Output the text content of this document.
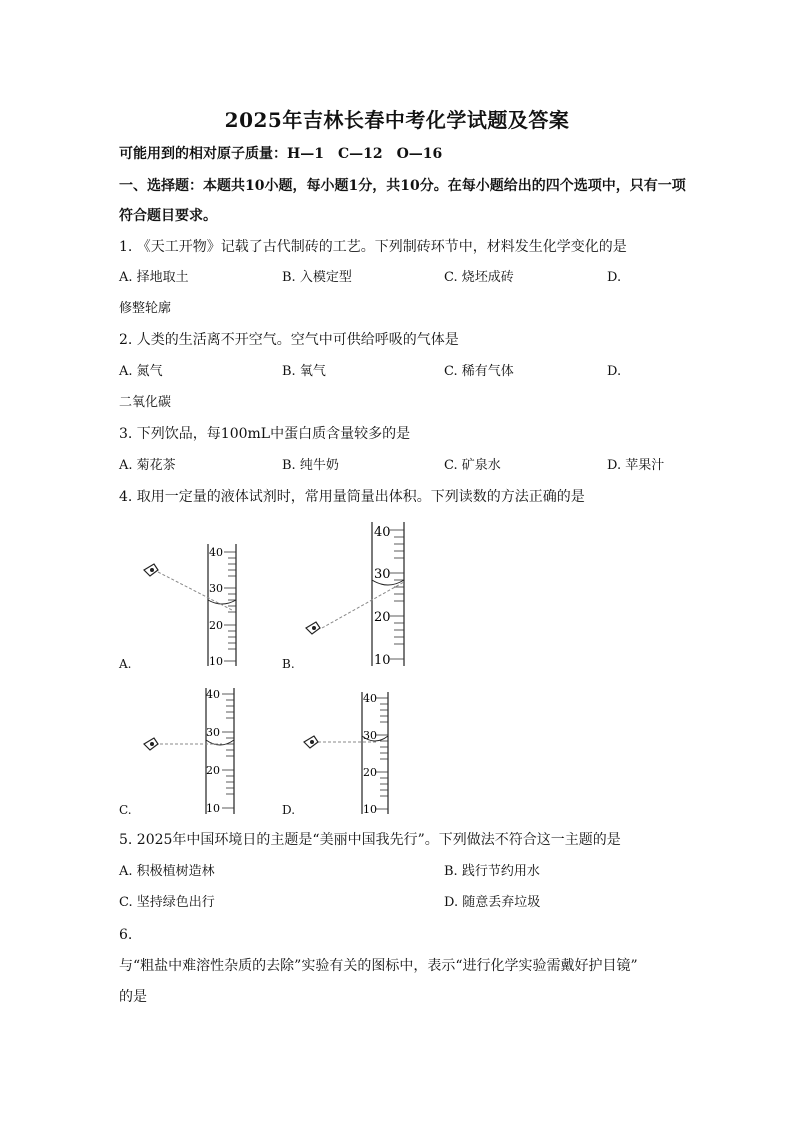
2025年吉林长春中考化学试题及答案
可能用到的相对原子质量：H—1　C—12　O—16
一、选择题：本题共10小题，每小题1分，共10分。在每小题给出的四个选项中，只有一项
符合题目要求。
1. 《天工开物》记载了古代制砖的工艺。下列制砖环节中，材料发生化学变化的是
A. 择地取土	B. 入模定型	C. 烧坯成砖	D.
修整轮廓
2. 人类的生活离不开空气。空气中可供给呼吸的气体是
A. 氮气	B. 氧气	C. 稀有气体	D.
二氧化碳
3. 下列饮品，每100mL中蛋白质含量较多的是
A. 菊花茶	B. 纯牛奶	C. 矿泉水	D. 苹果汁
4. 取用一定量的液体试剂时，常用量筒量出体积。下列读数的方法正确的是
40
30
20
10
A.
40
30
20
10
B.
40
30
20
10
C.
40
30
20
10
D.
5. 2025年中国环境日的主题是“美丽中国我先行”。下列做法不符合这一主题的是
A. 积极植树造林	B. 践行节约用水
C. 坚持绿色出行	D. 随意丢弃垃圾
6.
与“粗盐中难溶性杂质的去除”实验有关的图标中，表示“进行化学实验需戴好护目镜”
的是
